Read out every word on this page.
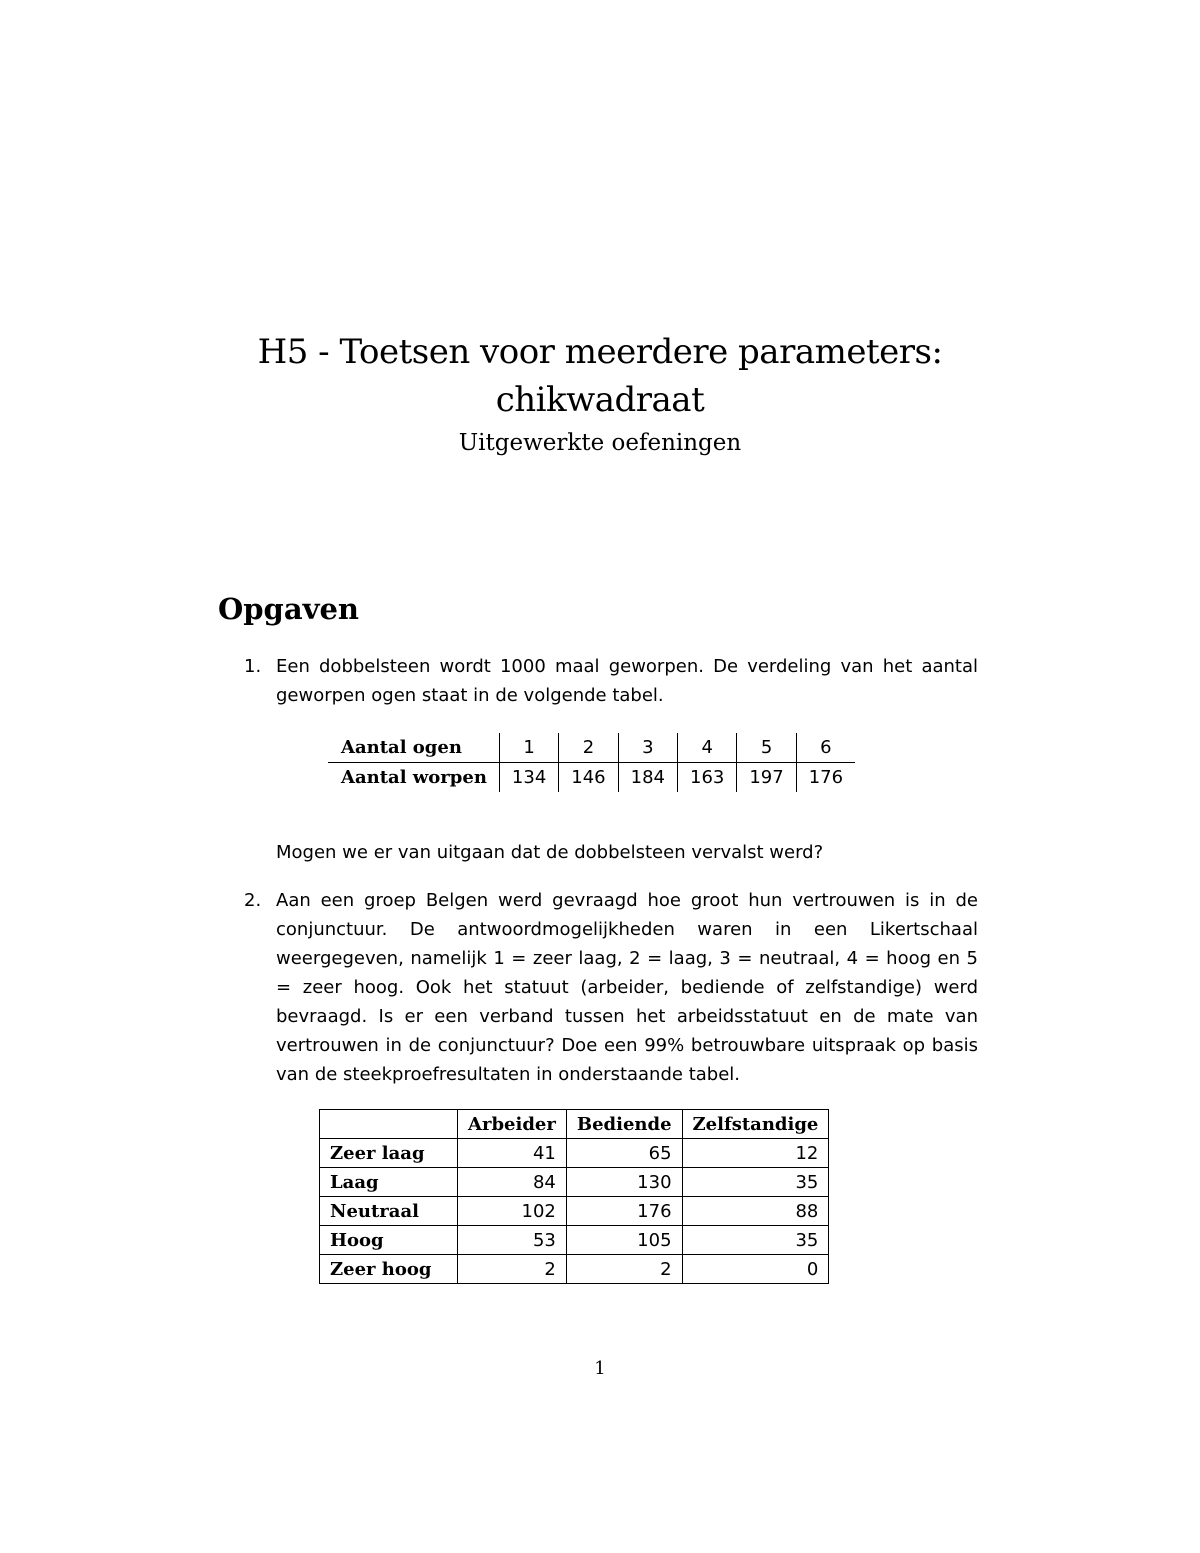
H5 - Toetsen voor meerdere parameters:
chikwadraat
Uitgewerkte oefeningen
Opgaven
1. Een dobbelsteen wordt 1000 maal geworpen. De verdeling van het aantal geworpen ogen staat in de volgende tabel.

Aantal ogen	1	2	3	4	5	6
Aantal worpen	134	146	184	163	197	176

Mogen we er van uitgaan dat de dobbelsteen vervalst werd?

2. Aan een groep Belgen werd gevraagd hoe groot hun vertrouwen is in de conjunctuur. De antwoordmogelijkheden waren in een Likertschaal weergegeven, namelijk 1 = zeer laag, 2 = laag, 3 = neutraal, 4 = hoog en 5 = zeer hoog. Ook het statuut (arbeider, bediende of zelfstandige) werd bevraagd. Is er een verband tussen het arbeidsstatuut en de mate van vertrouwen in de conjunctuur? Doe een 99% betrouwbare uitspraak op basis van de steekproefresultaten in onderstaande tabel.

	Arbeider	Bediende	Zelfstandige
Zeer laag	41	65	12
Laag	84	130	35
Neutraal	102	176	88
Hoog	53	105	35
Zeer hoog	2	2	0
1
